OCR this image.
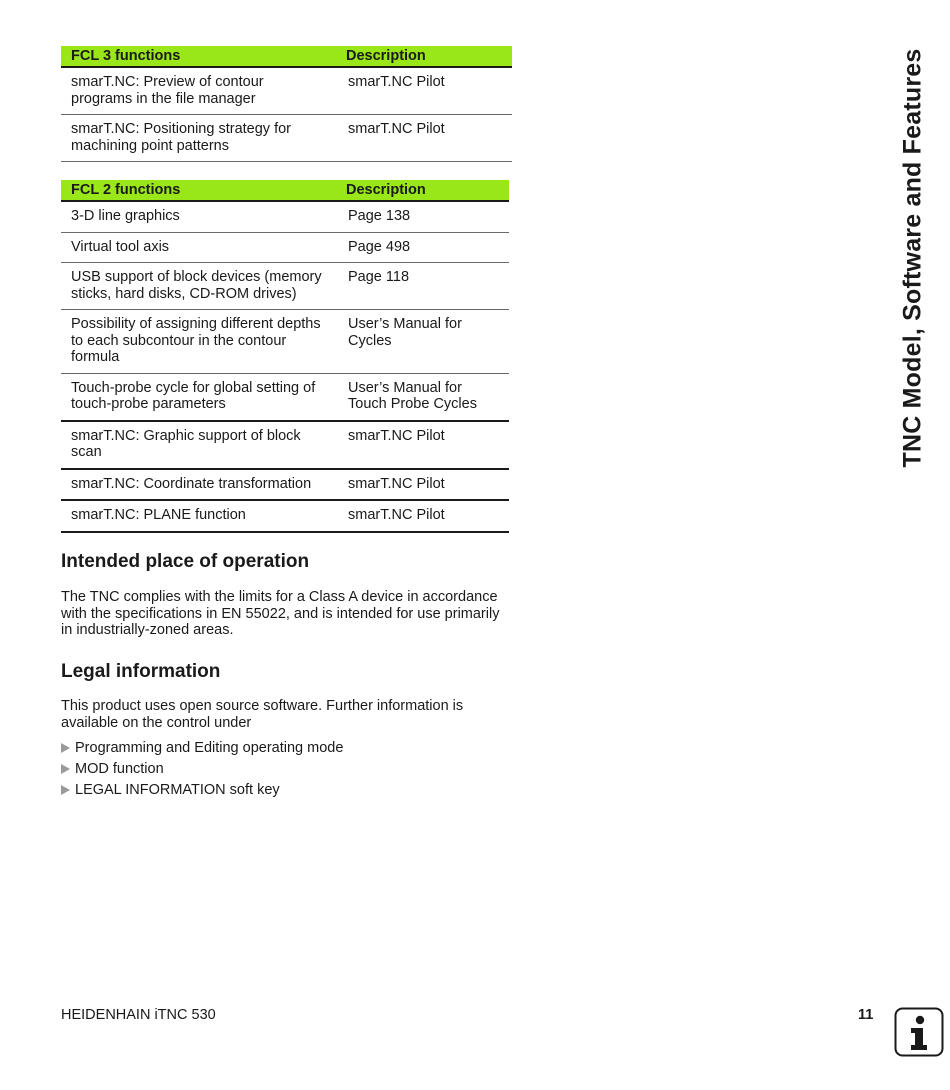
TNC Model, Software and Features
FCL 3 functions	Description
smarT.NC: Preview of contour programs in the file manager	smarT.NC Pilot
smarT.NC: Positioning strategy for machining point patterns	smarT.NC Pilot
FCL 2 functions	Description
3-D line graphics	Page 138
Virtual tool axis	Page 498
USB support of block devices (memory sticks, hard disks, CD-ROM drives)	Page 118
Possibility of assigning different depths to each subcontour in the contour formula	User’s Manual for Cycles
Touch-probe cycle for global setting of touch-probe parameters	User’s Manual for Touch Probe Cycles
smarT.NC: Graphic support of block scan	smarT.NC Pilot
smarT.NC: Coordinate transformation	smarT.NC Pilot
smarT.NC: PLANE function	smarT.NC Pilot
Intended place of operation

The TNC complies with the limits for a Class A device in accordance with the specifications in EN 55022, and is intended for use primarily in industrially-zoned areas.

Legal information

This product uses open source software. Further information is available on the control under

Programming and Editing operating mode
MOD function
LEGAL INFORMATION soft key
HEIDENHAIN iTNC 530	11
